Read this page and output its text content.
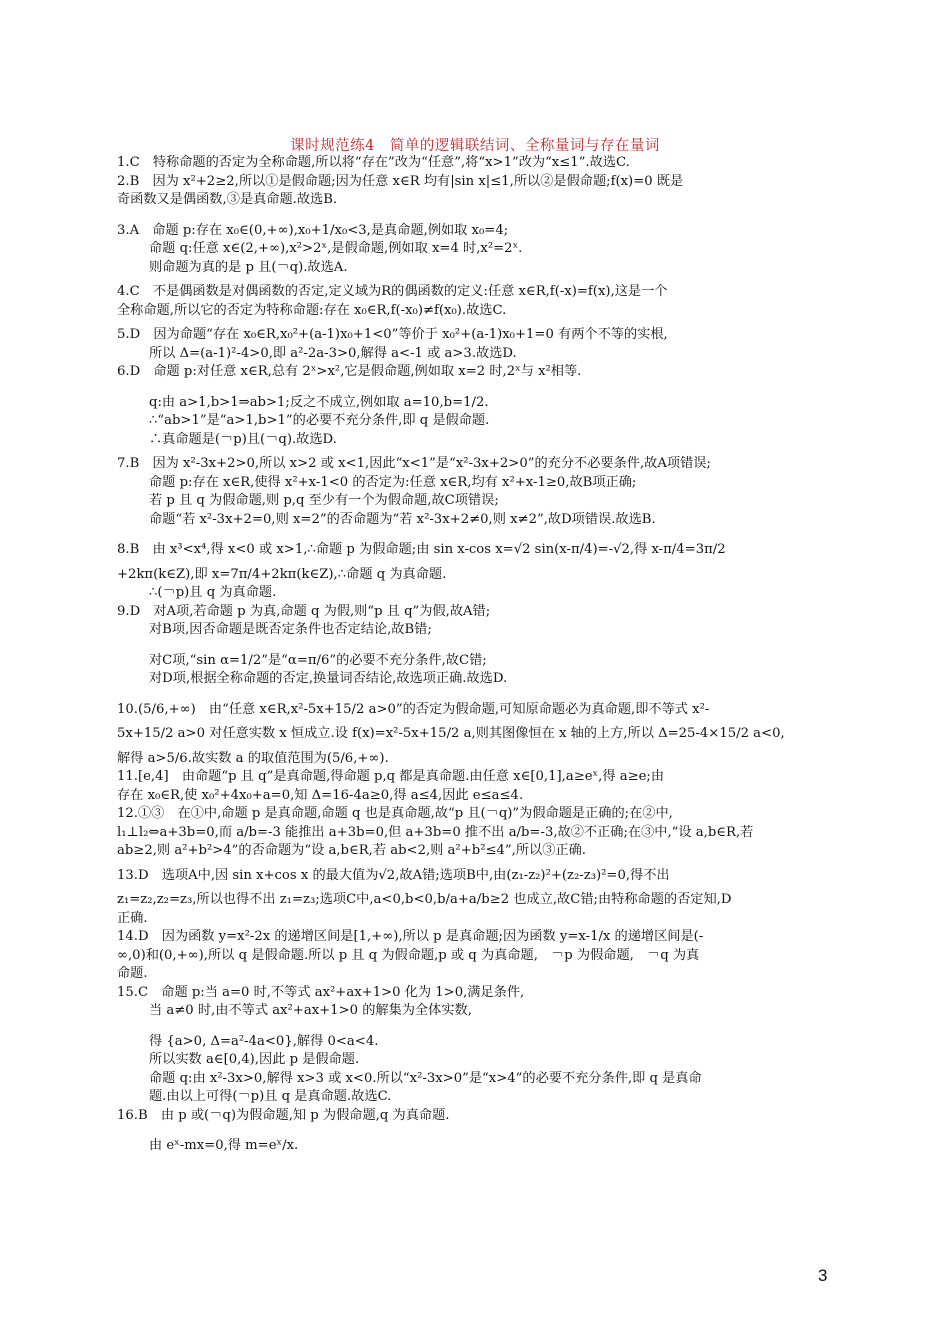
课时规范练4　简单的逻辑联结词、全称量词与存在量词
1.C　特称命题的否定为全称命题,所以将“存在”改为“任意”,将“x>1”改为“x≤1”.故选C.
2.B　因为 x²+2≥2,所以①是假命题;因为任意 x∈R 均有|sin x|≤1,所以②是假命题;f(x)=0 既是
奇函数又是偶函数,③是真命题.故选B.
3.A　命题 p:存在 x₀∈(0,+∞),x₀+1/x₀<3,是真命题,例如取 x₀=4;
命题 q:任意 x∈(2,+∞),x²>2ˣ,是假命题,例如取 x=4 时,x²=2ˣ.
则命题为真的是 p 且(￢q).故选A.
4.C　不是偶函数是对偶函数的否定,定义域为R的偶函数的定义:任意 x∈R,f(-x)=f(x),这是一个
全称命题,所以它的否定为特称命题:存在 x₀∈R,f(-x₀)≠f(x₀).故选C.
5.D　因为命题“存在 x₀∈R,x₀²+(a-1)x₀+1<0”等价于 x₀²+(a-1)x₀+1=0 有两个不等的实根,
所以 Δ=(a-1)²-4>0,即 a²-2a-3>0,解得 a<-1 或 a>3.故选D.
6.D　命题 p:对任意 x∈R,总有 2ˣ>x²,它是假命题,例如取 x=2 时,2ˣ与 x²相等.
q:由 a>1,b>1⇒ab>1;反之不成立,例如取 a=10,b=1/2.
∴“ab>1”是“a>1,b>1”的必要不充分条件,即 q 是假命题.
∴真命题是(￢p)且(￢q).故选D.
7.B　因为 x²-3x+2>0,所以 x>2 或 x<1,因此“x<1”是“x²-3x+2>0”的充分不必要条件,故A项错误;
命题 p:存在 x∈R,使得 x²+x-1<0 的否定为:任意 x∈R,均有 x²+x-1≥0,故B项正确;
若 p 且 q 为假命题,则 p,q 至少有一个为假命题,故C项错误;
命题“若 x²-3x+2=0,则 x=2”的否命题为“若 x²-3x+2≠0,则 x≠2”,故D项错误.故选B.
8.B　由 x³<x⁴,得 x<0 或 x>1,∴命题 p 为假命题;由 sin x-cos x=√2 sin(x-π/4)=-√2,得 x-π/4=3π/2
+2kπ(k∈Z),即 x=7π/4+2kπ(k∈Z),∴命题 q 为真命题.
∴(￢p)且 q 为真命题.
9.D　对A项,若命题 p 为真,命题 q 为假,则“p 且 q”为假,故A错;
对B项,因否命题是既否定条件也否定结论,故B错;
对C项,“sin α=1/2”是“α=π/6”的必要不充分条件,故C错;
对D项,根据全称命题的否定,换量词否结论,故选项正确.故选D.
10.(5/6,+∞)　由“任意 x∈R,x²-5x+15/2 a>0”的否定为假命题,可知原命题必为真命题,即不等式 x²-
5x+15/2 a>0 对任意实数 x 恒成立.设 f(x)=x²-5x+15/2 a,则其图像恒在 x 轴的上方,所以 Δ=25-4×15/2 a<0,
解得 a>5/6.故实数 a 的取值范围为(5/6,+∞).
11.[e,4]　由命题“p 且 q”是真命题,得命题 p,q 都是真命题.由任意 x∈[0,1],a≥eˣ,得 a≥e;由
存在 x₀∈R,使 x₀²+4x₀+a=0,知 Δ=16-4a≥0,得 a≤4,因此 e≤a≤4.
12.①③　在①中,命题 p 是真命题,命题 q 也是真命题,故“p 且(￢q)”为假命题是正确的;在②中,
l₁⊥l₂⇔a+3b=0,而 a/b=-3 能推出 a+3b=0,但 a+3b=0 推不出 a/b=-3,故②不正确;在③中,“设 a,b∈R,若
ab≥2,则 a²+b²>4”的否命题为“设 a,b∈R,若 ab<2,则 a²+b²≤4”,所以③正确.
13.D　选项A中,因 sin x+cos x 的最大值为√2,故A错;选项B中,由(z₁-z₂)²+(z₂-z₃)²=0,得不出
z₁=z₂,z₂=z₃,所以也得不出 z₁=z₃;选项C中,a<0,b<0,b/a+a/b≥2 也成立,故C错;由特称命题的否定知,D
正确.
14.D　因为函数 y=x²-2x 的递增区间是[1,+∞),所以 p 是真命题;因为函数 y=x-1/x 的递增区间是(-
∞,0)和(0,+∞),所以 q 是假命题.所以 p 且 q 为假命题,p 或 q 为真命题,　￢p 为假命题,　￢q 为真
命题.
15.C　命题 p:当 a=0 时,不等式 ax²+ax+1>0 化为 1>0,满足条件,
当 a≠0 时,由不等式 ax²+ax+1>0 的解集为全体实数,
得 {a>0, Δ=a²-4a<0},解得 0<a<4.
所以实数 a∈[0,4),因此 p 是假命题.
命题 q:由 x²-3x>0,解得 x>3 或 x<0.所以“x²-3x>0”是“x>4”的必要不充分条件,即 q 是真命
题.由以上可得(￢p)且 q 是真命题.故选C.
16.B　由 p 或(￢q)为假命题,知 p 为假命题,q 为真命题.
由 eˣ-mx=0,得 m=eˣ/x.
3
